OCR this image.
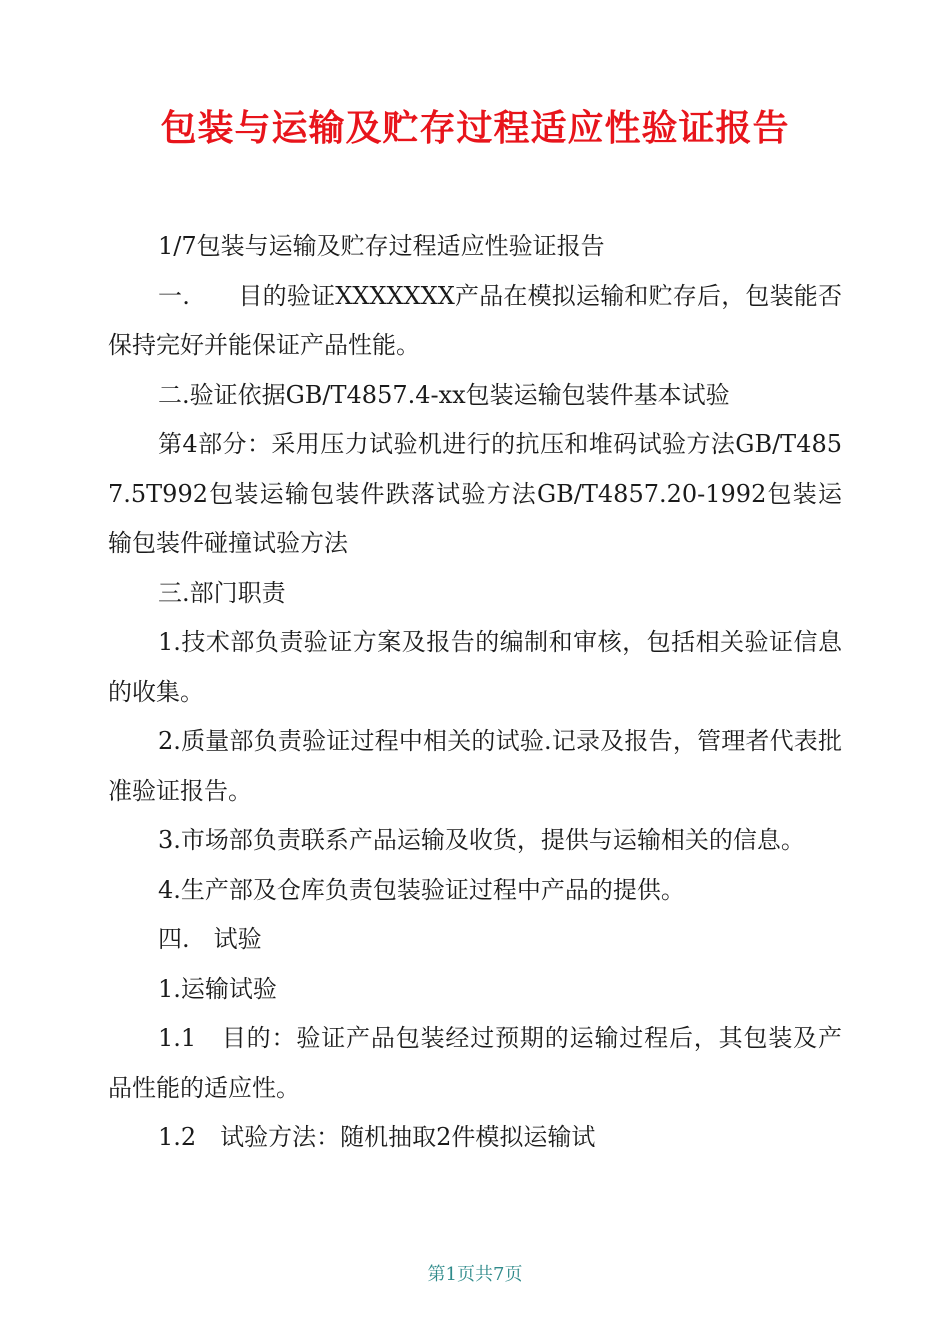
包装与运输及贮存过程适应性验证报告

1/7包装与运输及贮存过程适应性验证报告

一.　　目的验证XXXXXXX产品在模拟运输和贮存后，包装能否保持完好并能保证产品性能。

二.验证依据GB/T4857.4-xx包装运输包装件基本试验

第4部分：采用压力试验机进行的抗压和堆码试验方法GB/T4857.5T992包装运输包装件跌落试验方法GB/T4857.20-1992包装运输包装件碰撞试验方法

三.部门职责

1.技术部负责验证方案及报告的编制和审核，包括相关验证信息的收集。

2.质量部负责验证过程中相关的试验.记录及报告，管理者代表批准验证报告。

3.市场部负责联系产品运输及收货，提供与运输相关的信息。

4.生产部及仓库负责包装验证过程中产品的提供。

四.　试验

1.运输试验

1.1　目的：验证产品包装经过预期的运输过程后，其包装及产品性能的适应性。

1.2　试验方法：随机抽取2件模拟运输试

第1页共7页
